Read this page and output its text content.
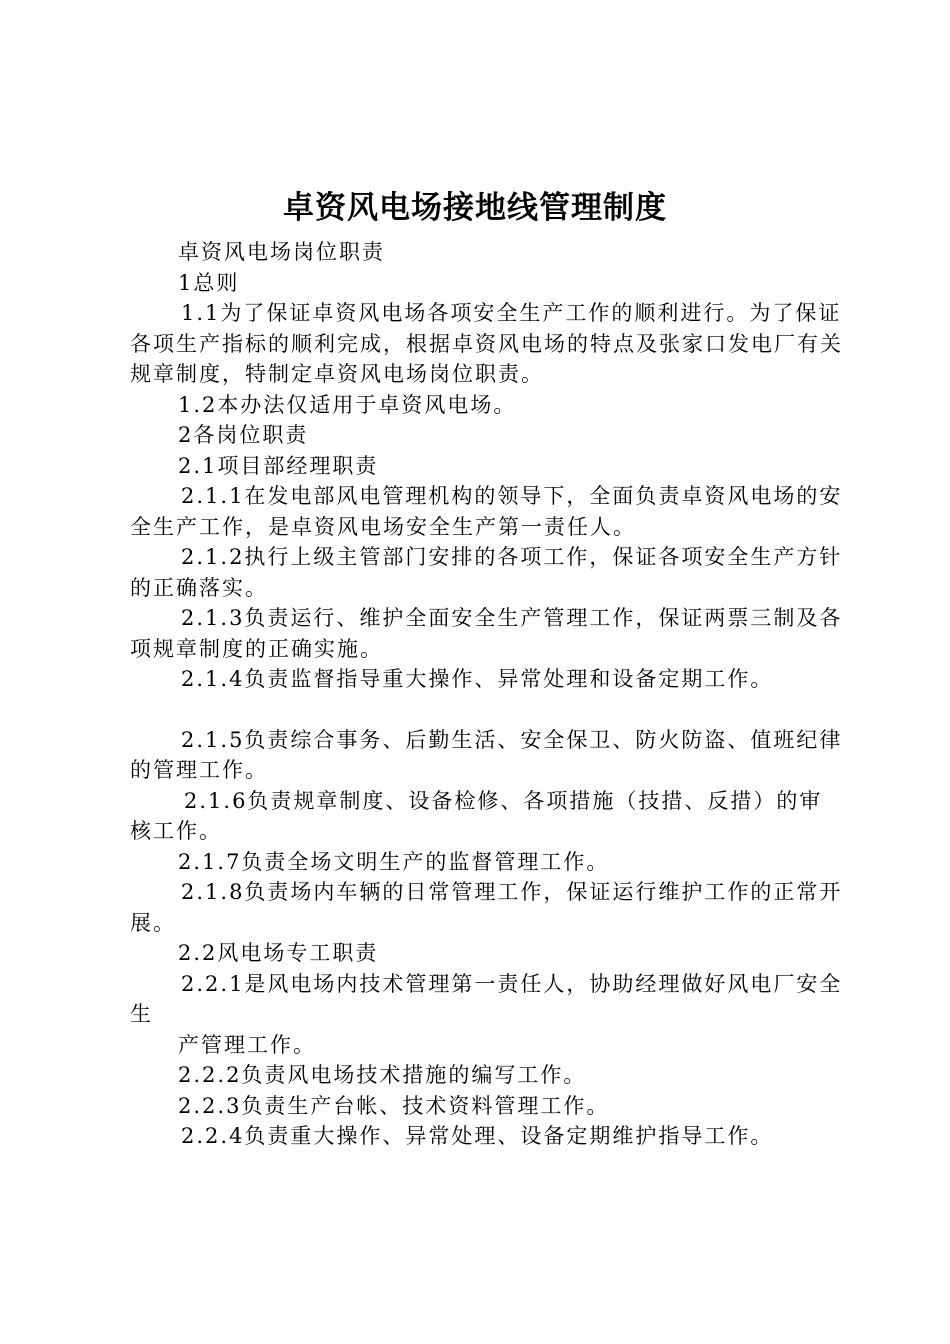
卓资风电场接地线管理制度

卓资风电场岗位职责

1总则

1.1为了保证卓资风电场各项安全生产工作的顺利进行。为了保证各项生产指标的顺利完成，根据卓资风电场的特点及张家口发电厂有关规章制度，特制定卓资风电场岗位职责。

1.2本办法仅适用于卓资风电场。

2各岗位职责

2.1项目部经理职责

2.1.1在发电部风电管理机构的领导下，全面负责卓资风电场的安全生产工作，是卓资风电场安全生产第一责任人。

2.1.2执行上级主管部门安排的各项工作，保证各项安全生产方针的正确落实。

2.1.3负责运行、维护全面安全生产管理工作，保证两票三制及各项规章制度的正确实施。

2.1.4负责监督指导重大操作、异常处理和设备定期工作。

2.1.5负责综合事务、后勤生活、安全保卫、防火防盗、值班纪律的管理工作。

2.1.6负责规章制度、设备检修、各项措施（技措、反措）的审核工作。

2.1.7负责全场文明生产的监督管理工作。

2.1.8负责场内车辆的日常管理工作，保证运行维护工作的正常开展。

2.2风电场专工职责

2.2.1是风电场内技术管理第一责任人，协助经理做好风电厂安全生

产管理工作。

2.2.2负责风电场技术措施的编写工作。

2.2.3负责生产台帐、技术资料管理工作。

2.2.4负责重大操作、异常处理、设备定期维护指导工作。
